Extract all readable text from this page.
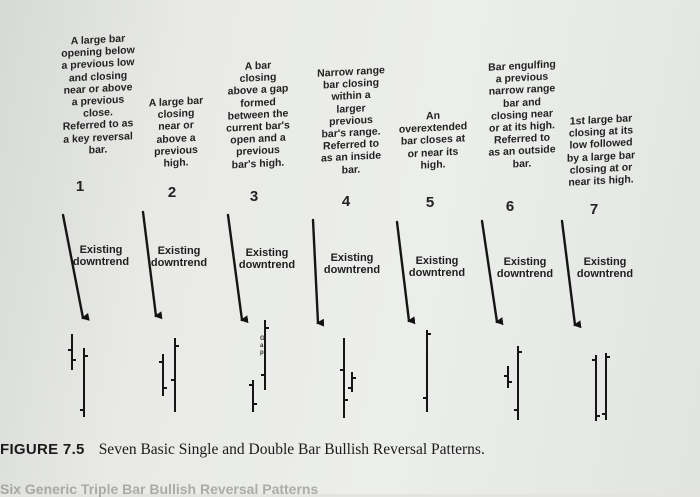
A large bar
opening below
a previous low
and closing
near or above
a previous
close.
Referred to as
a key reversal
bar.
A large bar
closing
near or
above a
previous
high.
A bar
closing
above a gap
formed
between the
current bar's
open and a
previous
bar's high.
Narrow range
bar closing
within a
larger
previous
bar's range.
Referred to
as an inside
bar.
An
overextended
bar closes at
or near its
high.
Bar engulfing
a previous
narrow range
bar and
closing near
or at its high.
Referred to
as an outside
bar.
1st large bar
closing at its
low followed
by a large bar
closing at or
near its high.
1	2	3	4	5	6	7
G
a
p
Existing
downtrend
Existing
downtrend
Existing
downtrend
Existing
downtrend
Existing
downtrend
Existing
downtrend
Existing
downtrend
FIGURE 7.5 Seven Basic Single and Double Bar Bullish Reversal Patterns.
Six Generic Triple Bar Bullish Reversal Patterns
